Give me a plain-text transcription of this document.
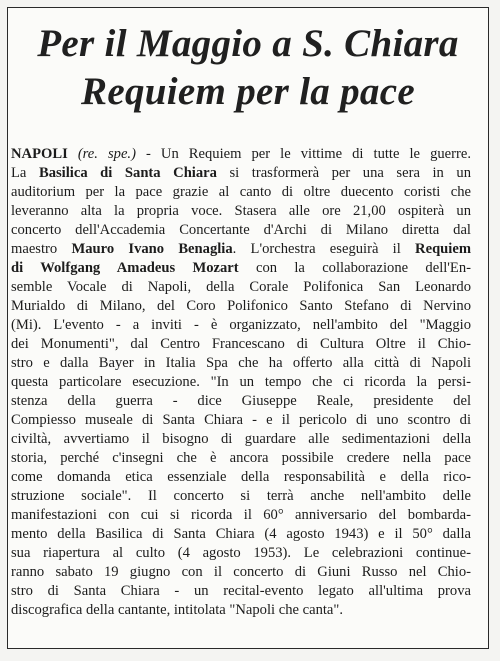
Per il Maggio a S. Chiara
Requiem per la pace
NAPOLI (re. spe.) - Un Requiem per le vittime di tutte le guerre.
La Basilica di Santa Chiara si trasformerà per una sera in un
auditorium per la pace grazie al canto di oltre duecento coristi che
leveranno alta la propria voce. Stasera alle ore 21,00 ospiterà un
concerto dell'Accademia Concertante d'Archi di Milano diretta dal
maestro Mauro Ivano Benaglia. L'orchestra eseguirà il Requiem
di Wolfgang Amadeus Mozart con la collaborazione dell'En-
semble Vocale di Napoli, della Corale Polifonica San Leonardo
Murialdo di Milano, del Coro Polifonico Santo Stefano di Nervino
(Mi). L'evento - a inviti - è organizzato, nell'ambito del "Maggio
dei Monumenti", dal Centro Francescano di Cultura Oltre il Chio-
stro e dalla Bayer in Italia Spa che ha offerto alla città di Napoli
questa particolare esecuzione. "In un tempo che ci ricorda la persi-
stenza della guerra - dice Giuseppe Reale, presidente del
Compiesso museale di Santa Chiara - e il pericolo di uno scontro di
civiltà, avvertiamo il bisogno di guardare alle sedimentazioni della
storia, perché c'insegni che è ancora possibile credere nella pace
come domanda etica essenziale della responsabilità e della rico-
struzione sociale". Il concerto si terrà anche nell'ambito delle
manifestazioni con cui si ricorda il 60° anniversario del bombarda-
mento della Basilica di Santa Chiara (4 agosto 1943) e il 50° dalla
sua riapertura al culto (4 agosto 1953). Le celebrazioni continue-
ranno sabato 19 giugno con il concerto di Giuni Russo nel Chio-
stro di Santa Chiara - un recital-evento legato all'ultima prova
discografica della cantante, intitolata "Napoli che canta".
